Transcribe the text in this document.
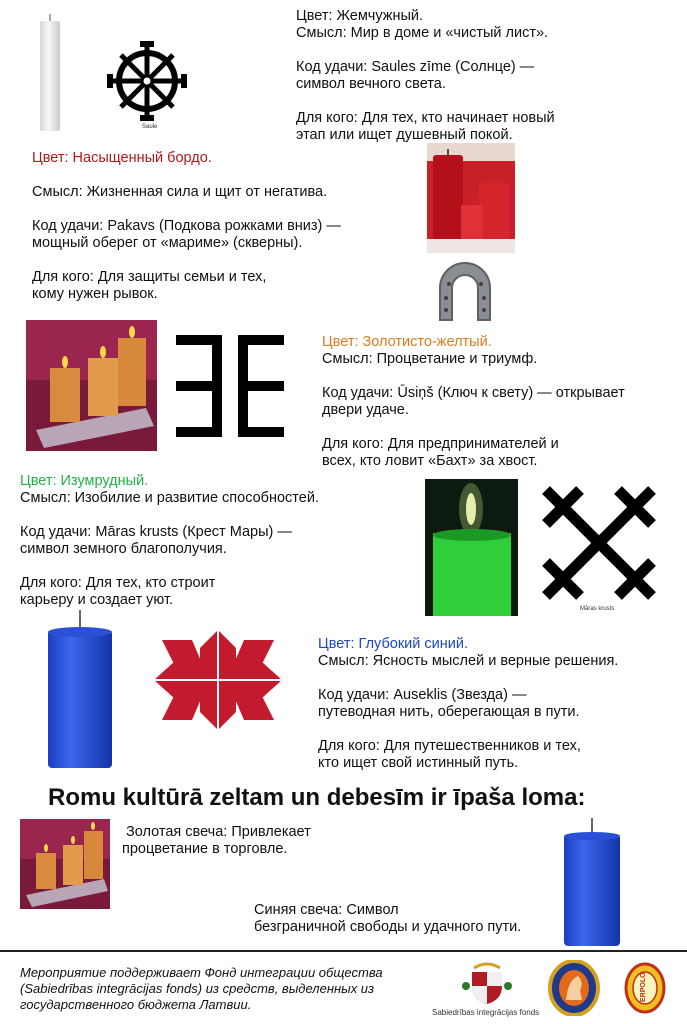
Saule

Цвет: Жемчужный.

Смысл: Мир в доме и «чистый лист».

Код удачи: Saules zīme (Солнце) —

символ вечного света.

Для кого: Для тех, кто начинает новый

этап или ищет душевный покой.

Цвет: Насыщенный бордо.

Смысл: Жизненная сила и щит от негатива.

Код удачи: Pakavs (Подкова рожками вниз) —

мощный оберег от «мариме» (скверны).

Для кого: Для защиты семьи и тех,

кому нужен рывок.

Цвет: Золотисто-желтый.

Смысл: Процветание и триумф.

Код удачи: Ūsiņš (Ключ к свету) — открывает

двери удаче.

Для кого: Для предпринимателей и

всех, кто ловит «Бахт» за хвост.

Цвет: Изумрудный.

Смысл: Изобилие и развитие способностей.

Код удачи: Māras krusts (Крест Мары) —

символ земного благополучия.

Для кого: Для тех, кто строит

карьеру и создает уют.

Māras krusts

Цвет: Глубокий синий.

Смысл: Ясность мыслей и верные решения.

Код удачи: Auseklis (Звезда) —

путеводная нить, оберегающая в пути.

Для кого: Для путешественников и тех,

кто ищет свой истинный путь.

Romu kultūrā zeltam un debesīm ir īpaša loma:

Золотая свеча: Привлекает

процветание в торговле.

Синяя свеча: Символ

безграничной свободы и удачного пути.

Мероприятие поддерживает Фонд интеграции общества
(Sabiedrības integrācijas fonds) из средств, выделенных из
государственного бюджета Латвии.
Sabiedrības integrācijas fonds
ERPOLO
